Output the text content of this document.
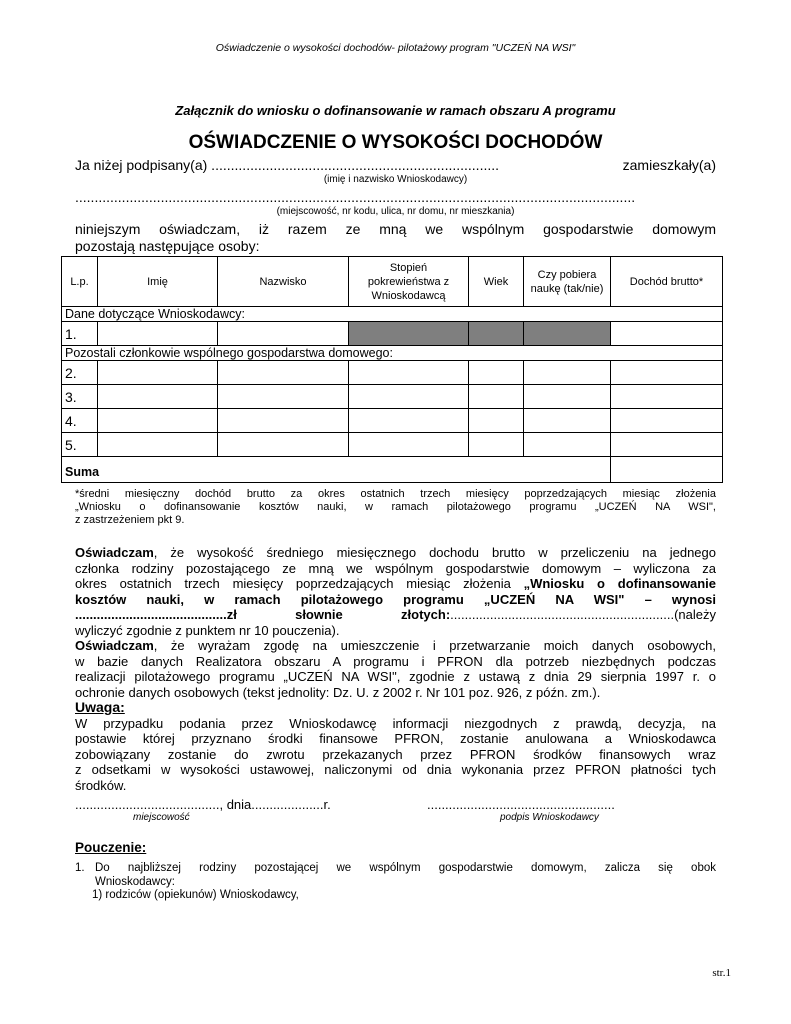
Oświadczenie o wysokości dochodów- pilotażowy program "UCZEŃ NA WSI"
Załącznik do wniosku o dofinansowanie w ramach obszaru A programu
OŚWIADCZENIE O WYSOKOŚCI DOCHODÓW
Ja niżej podpisany(a) ..........................................................................	zamieszkały(a)
(imię i nazwisko Wnioskodawcy)
................................................................................................................................................
(miejscowość, nr kodu, ulica, nr domu, nr mieszkania)
niniejszym oświadczam, iż razem ze mną we wspólnym gospodarstwie domowym
pozostają następujące osoby:
L.p.	Imię	Nazwisko	Stopień pokrewieństwa z Wnioskodawcą	Wiek	Czy pobiera naukę (tak/nie)	Dochód brutto*
Dane dotyczące Wnioskodawcy:						
1.						
Pozostali członkowie wspólnego gospodarstwa domowego:						
2.						
3.						
4.						
5.						
Suma						
*średni miesięczny dochód brutto za okres ostatnich trzech miesięcy poprzedzających miesiąc złożenia
„Wniosku o dofinansowanie kosztów nauki, w ramach pilotażowego programu „UCZEŃ NA WSI",
z zastrzeżeniem pkt 9.
Oświadczam, że wysokość średniego miesięcznego dochodu brutto w przeliczeniu na jednego
członka rodziny pozostającego ze mną we wspólnym gospodarstwie domowym – wyliczona za
okres ostatnich trzech miesięcy poprzedzających miesiąc złożenia „Wniosku o dofinansowanie
kosztów nauki, w ramach pilotażowego programu „UCZEŃ NA WSI" – wynosi
..........................................zł słownie złotych:..............................................................(należy
wyliczyć zgodnie z punktem nr 10 pouczenia).
Oświadczam, że wyrażam zgodę na umieszczenie i przetwarzanie moich danych osobowych,
w bazie danych Realizatora obszaru A programu i PFRON dla potrzeb niezbędnych podczas
realizacji pilotażowego programu „UCZEŃ NA WSI", zgodnie z ustawą z dnia 29 sierpnia 1997 r. o
ochronie danych osobowych (tekst jednolity: Dz. U. z 2002 r. Nr 101 poz. 926, z późn. zm.).
Uwaga:
W przypadku podania przez Wnioskodawcę informacji niezgodnych z prawdą, decyzja, na
postawie której przyznano środki finansowe PFRON, zostanie anulowana a Wnioskodawca
zobowiązany zostanie do zwrotu przekazanych przez PFRON środków finansowych wraz
z odsetkami w wysokości ustawowej, naliczonymi od dnia wykonania przez PFRON płatności tych
środków.
........................................, dnia....................r.	....................................................
miejscowość	podpis Wnioskodawcy
Pouczenie:
1. Do najbliższej rodziny pozostającej we wspólnym gospodarstwie domowym, zalicza się obok
Wnioskodawcy:
1) rodziców (opiekunów) Wnioskodawcy,
str.1
